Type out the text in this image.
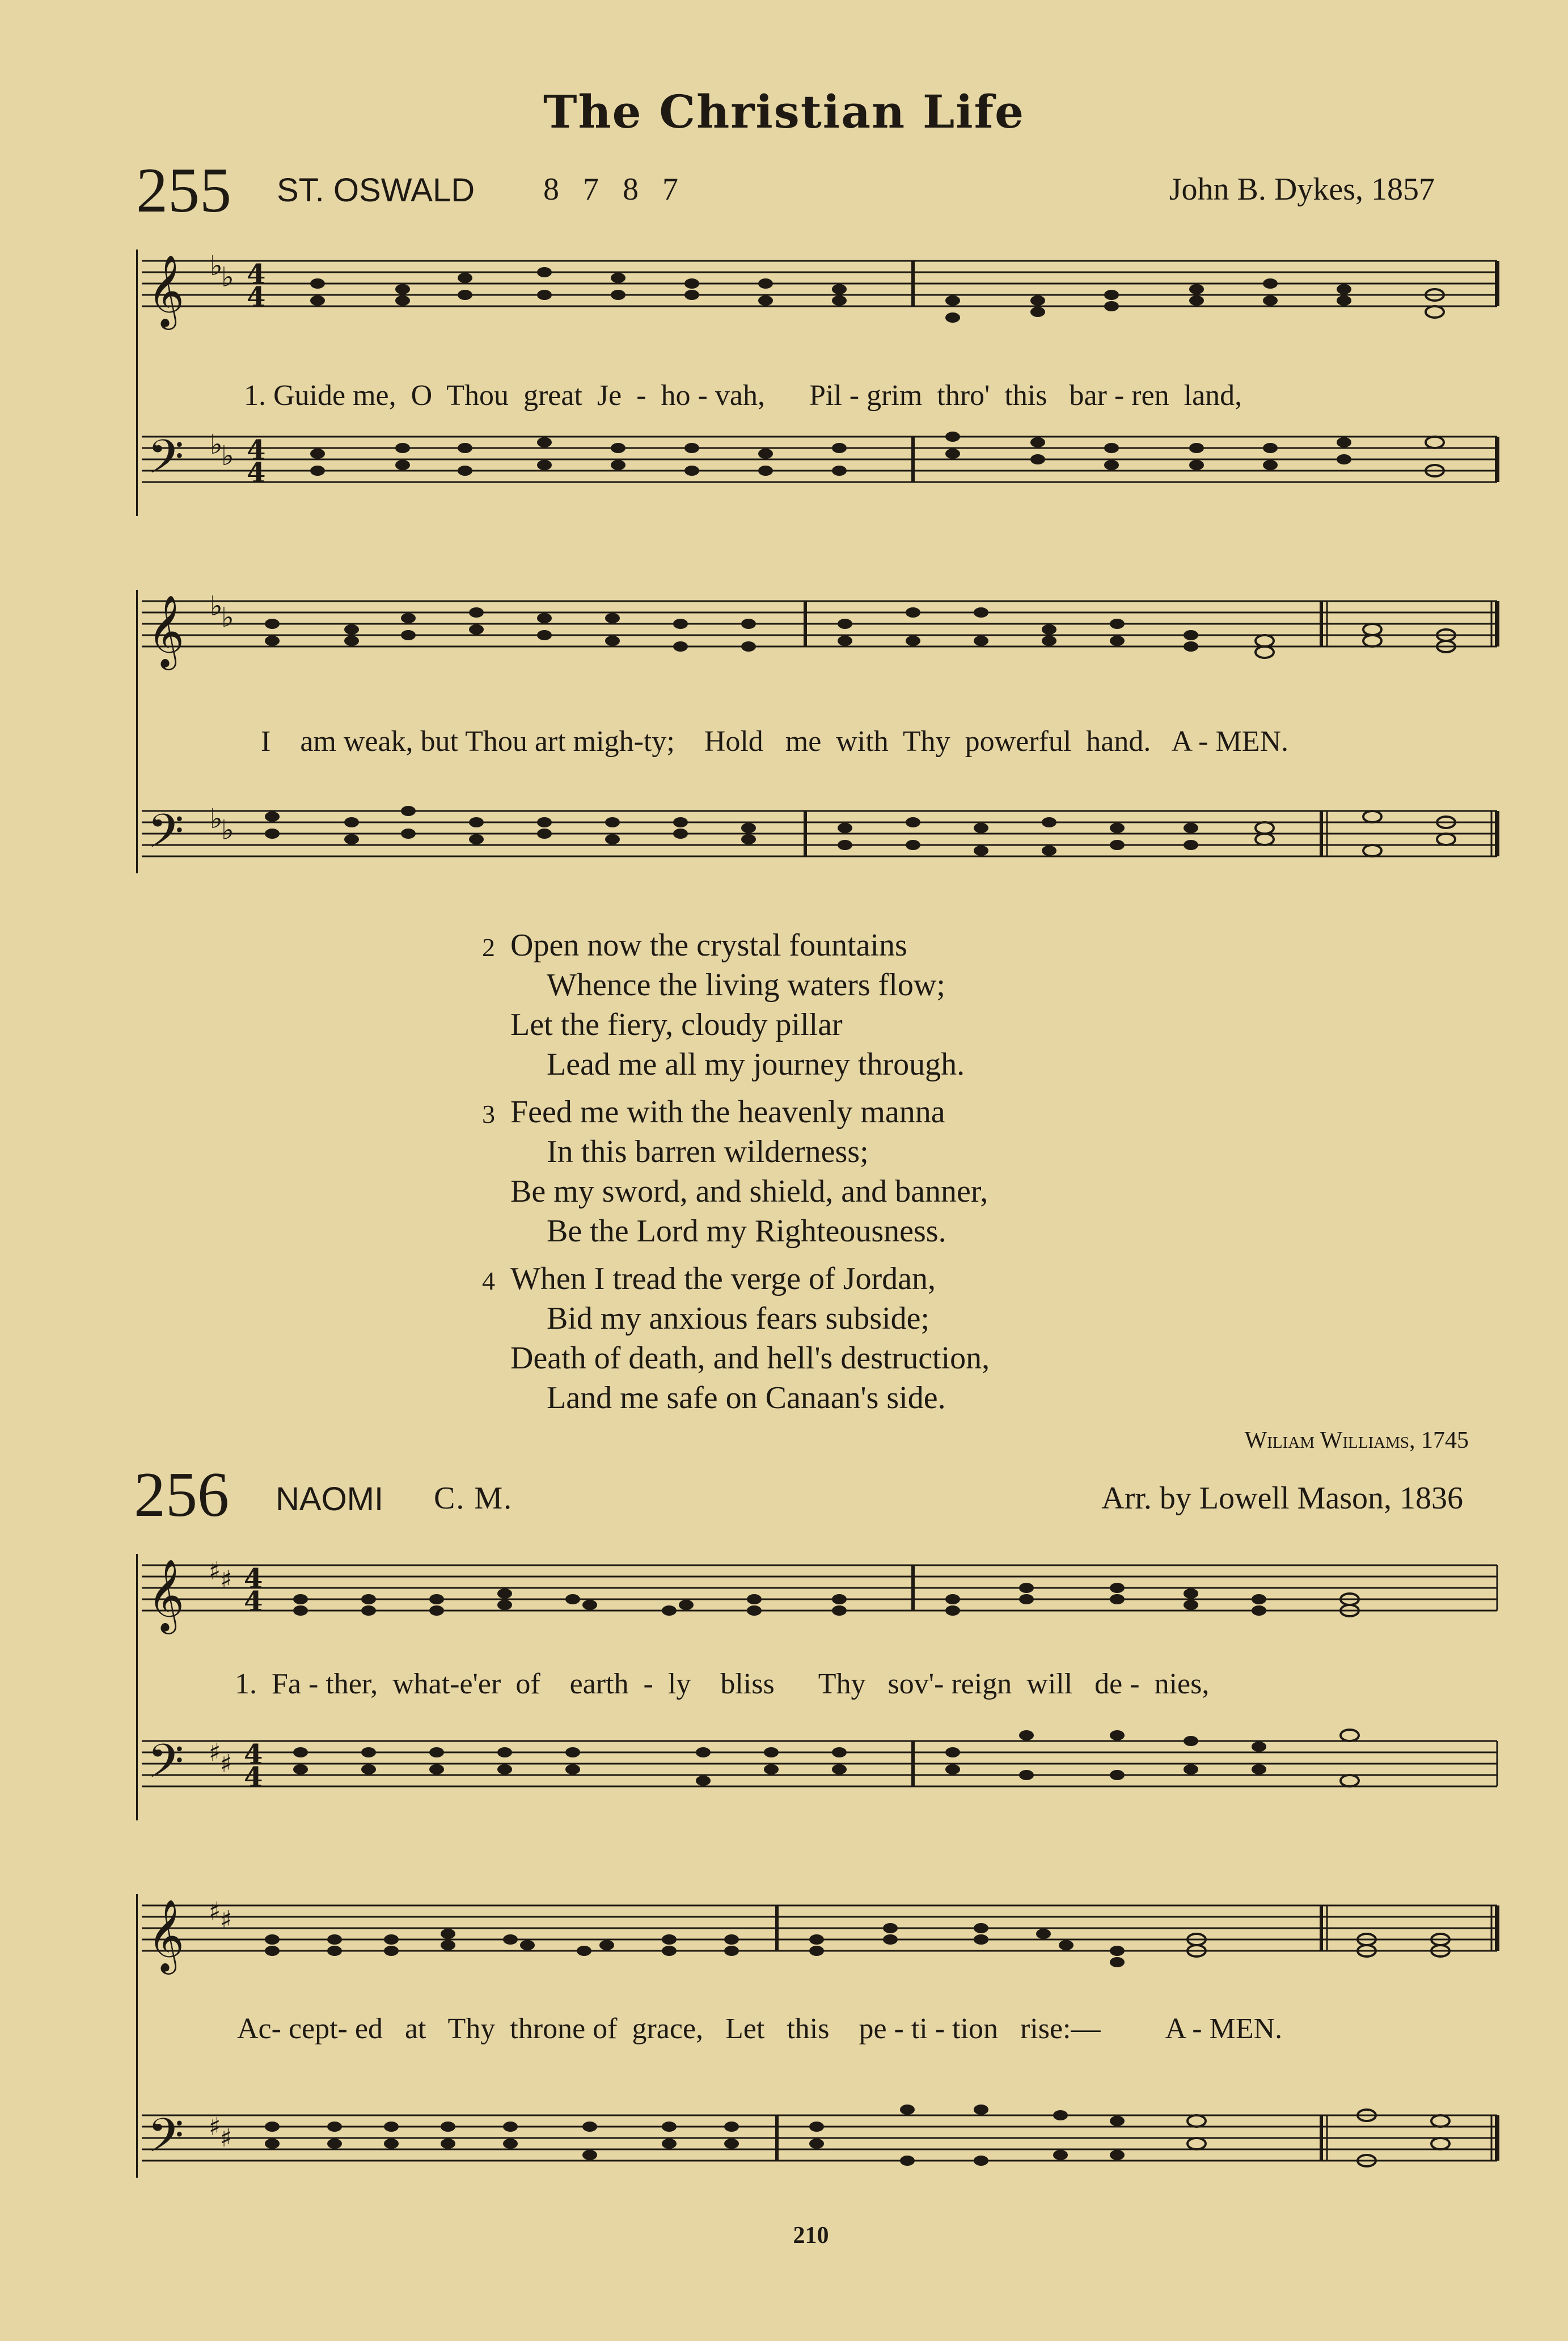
The Christian Life
255 ST. OSWALD 8 7 8 7	John B. Dykes, 1857
𝄞
𝄢
♭
♭
♭
♭
4
4
4
4
1. Guide me,  O  Thou  great  Je  -  ho - vah,      Pil - grim  thro'  this   bar - ren  land,
𝄞
𝄢
♭
♭
♭
♭
I    am weak, but Thou art migh-ty;    Hold   me  with  Thy  powerful  hand.   A - MEN.
2 Open now the crystal fountains
Whence the living waters flow;
Let the fiery, cloudy pillar
Lead me all my journey through.
3 Feed me with the heavenly manna
In this barren wilderness;
Be my sword, and shield, and banner,
Be the Lord my Righteousness.
4 When I tread the verge of Jordan,
Bid my anxious fears subside;
Death of death, and hell's destruction,
Land me safe on Canaan's side.
Wiliam Williams, 1745
256 NAOMI C. M.	Arr. by Lowell Mason, 1836
𝄞
𝄢
♯
♯
♯
♯
4
4
4
4
1.  Fa - ther,  what-e'er  of    earth  -  ly    bliss      Thy   sov'- reign  will   de -  nies,
𝄞
𝄢
♯
♯
♯
♯
Ac- cept- ed   at   Thy  throne of  grace,   Let   this    pe - ti - tion   rise:—         A - MEN.
210
